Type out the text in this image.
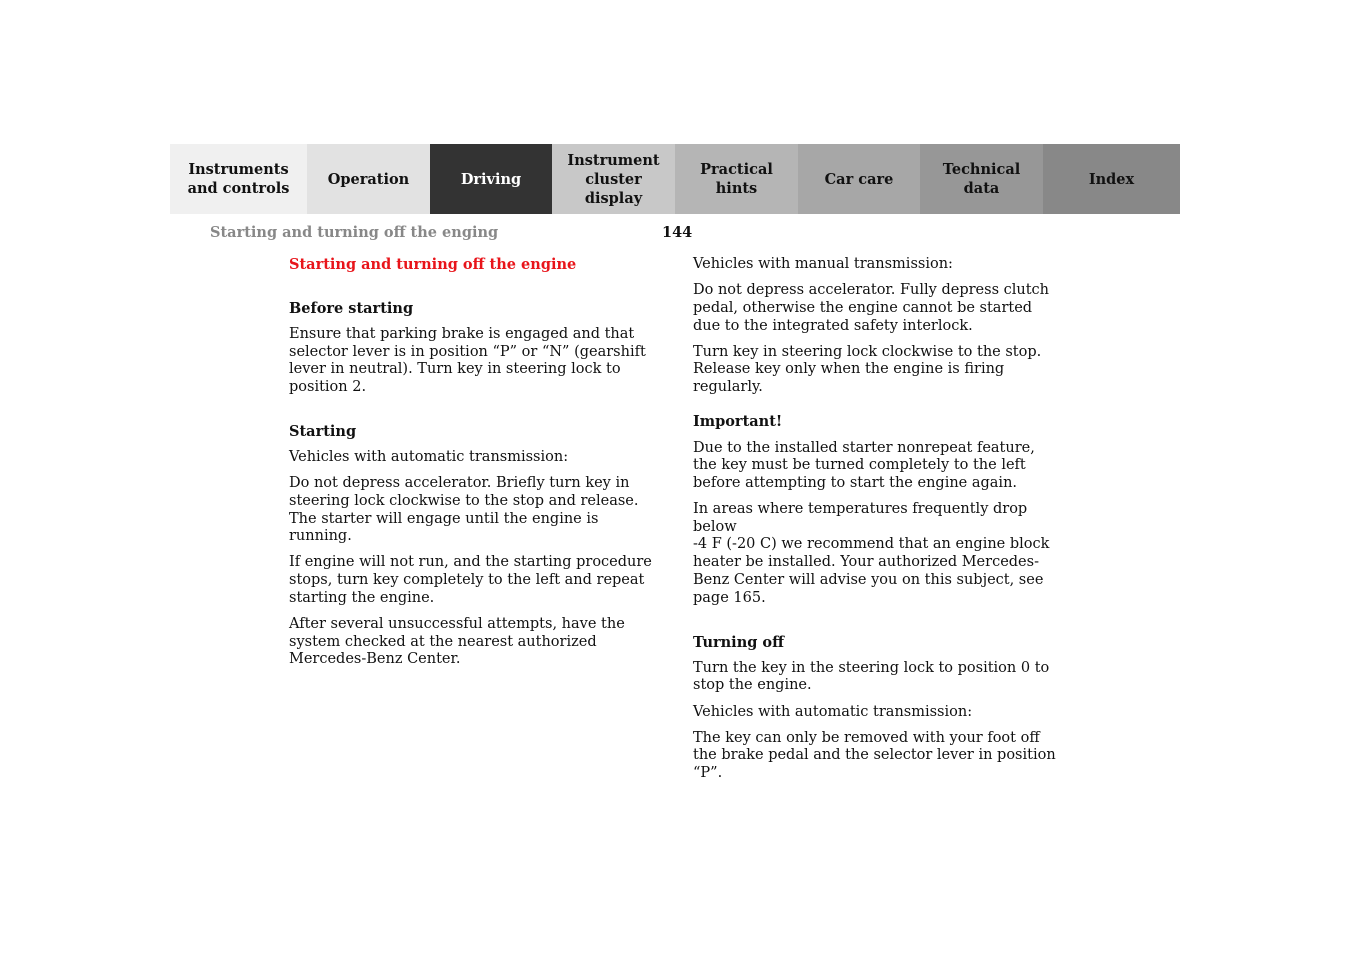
Instruments
and controls
Operation	Driving
Instrument
cluster display
Practical hints
Car care
Technical
data
Index
Starting and turning off the enging	144
Starting and turning off the engine
Before starting

Ensure that parking brake is engaged and that selector lever is in position “P” or “N” (gearshift lever in neutral). Turn key in steering lock to position 2.

Starting

Vehicles with automatic transmission:

Do not depress accelerator. Briefly turn key in steering lock clockwise to the stop and release. The starter will engage until the engine is running.

If engine will not run, and the starting procedure stops, turn key completely to the left and repeat starting the engine.

After several unsuccessful attempts, have the system checked at the nearest authorized Mercedes-Benz Center.

Vehicles with manual transmission:

Do not depress accelerator. Fully depress clutch pedal, otherwise the engine cannot be started due to the integrated safety interlock.

Turn key in steering lock clockwise to the stop. Release key only when the engine is firing regularly.

Important!

Due to the installed starter nonrepeat feature, the key must be turned completely to the left before attempting to start the engine again.

In areas where temperatures frequently drop below
-4 F (-20 C) we recommend that an engine block heater be installed. Your authorized Mercedes-Benz Center will advise you on this subject, see page 165.

Turning off

Turn the key in the steering lock to position 0 to stop the engine.

Vehicles with automatic transmission:

The key can only be removed with your foot off the brake pedal and the selector lever in position “P”.
